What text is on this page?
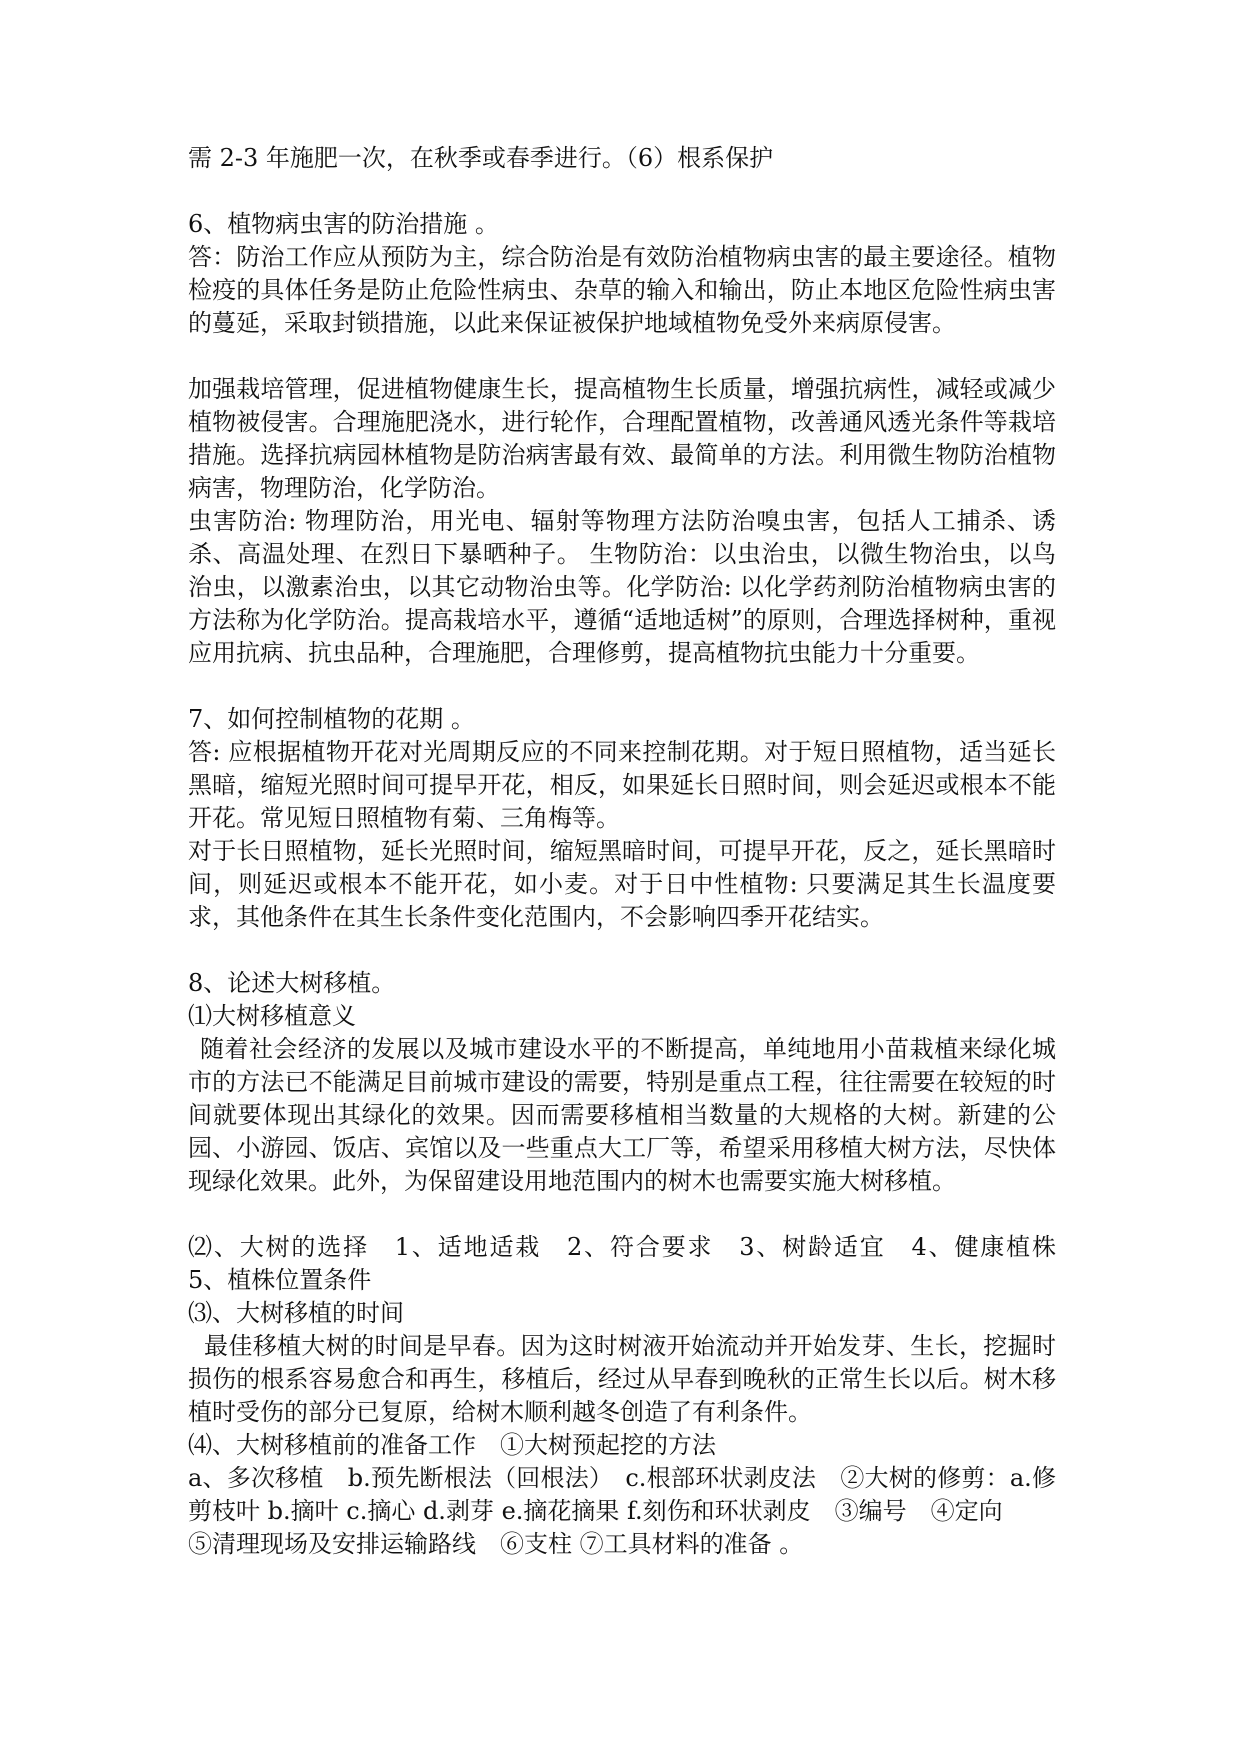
需 2-3 年施肥一次，在秋季或春季进行。（6）根系保护

6、植物病虫害的防治措施 。

答：防治工作应从预防为主，综合防治是有效防治植物病虫害的最主要途径。植物检疫的具体任务是防止危险性病虫、杂草的输入和输出，防止本地区危险性病虫害的蔓延，采取封锁措施，以此来保证被保护地域植物免受外来病原侵害。

加强栽培管理，促进植物健康生长，提高植物生长质量，增强抗病性，减轻或减少植物被侵害。合理施肥浇水，进行轮作，合理配置植物，改善通风透光条件等栽培措施。选择抗病园林植物是防治病害最有效、最简单的方法。利用微生物防治植物病害，物理防治，化学防治。

虫害防治: 物理防治，用光电、辐射等物理方法防治嗅虫害，包括人工捕杀、诱杀、高温处理、在烈日下暴晒种子。 生物防治：以虫治虫，以微生物治虫，以鸟治虫，以激素治虫，以其它动物治虫等。化学防治: 以化学药剂防治植物病虫害的方法称为化学防治。提高栽培水平，遵循“适地适树”的原则，合理选择树种，重视应用抗病、抗虫品种，合理施肥，合理修剪，提高植物抗虫能力十分重要。

7、如何控制植物的花期 。

答: 应根据植物开花对光周期反应的不同来控制花期。对于短日照植物，适当延长黑暗，缩短光照时间可提早开花，相反，如果延长日照时间，则会延迟或根本不能开花。常见短日照植物有菊、三角梅等。

对于长日照植物，延长光照时间，缩短黑暗时间，可提早开花，反之，延长黑暗时间，则延迟或根本不能开花，如小麦。对于日中性植物: 只要满足其生长温度要求，其他条件在其生长条件变化范围内，不会影响四季开花结实。

8、论述大树移植。

⑴大树移植意义

随着社会经济的发展以及城市建设水平的不断提高，单纯地用小苗栽植来绿化城市的方法已不能满足目前城市建设的需要，特别是重点工程，往往需要在较短的时间就要体现出其绿化的效果。因而需要移植相当数量的大规格的大树。新建的公园、小游园、饭店、宾馆以及一些重点大工厂等，希望采用移植大树方法，尽快体现绿化效果。此外，为保留建设用地范围内的树木也需要实施大树移植。

⑵、大树的选择　1、适地适栽　2、符合要求　3、树龄适宜　4、健康植株　5、植株位置条件

⑶、大树移植的时间

最佳移植大树的时间是早春。因为这时树液开始流动并开始发芽、生长，挖掘时损伤的根系容易愈合和再生，移植后，经过从早春到晚秋的正常生长以后。树木移植时受伤的部分已复原，给树木顺利越冬创造了有利条件。

⑷、大树移植前的准备工作　①大树预起挖的方法

a、多次移植　b.预先断根法（回根法）　c.根部环状剥皮法　②大树的修剪：a.修剪枝叶 b.摘叶 c.摘心 d.剥芽 e.摘花摘果 f.刻伤和环状剥皮　③编号　④定向

⑤清理现场及安排运输路线　⑥支柱 ⑦工具材料的准备 。
